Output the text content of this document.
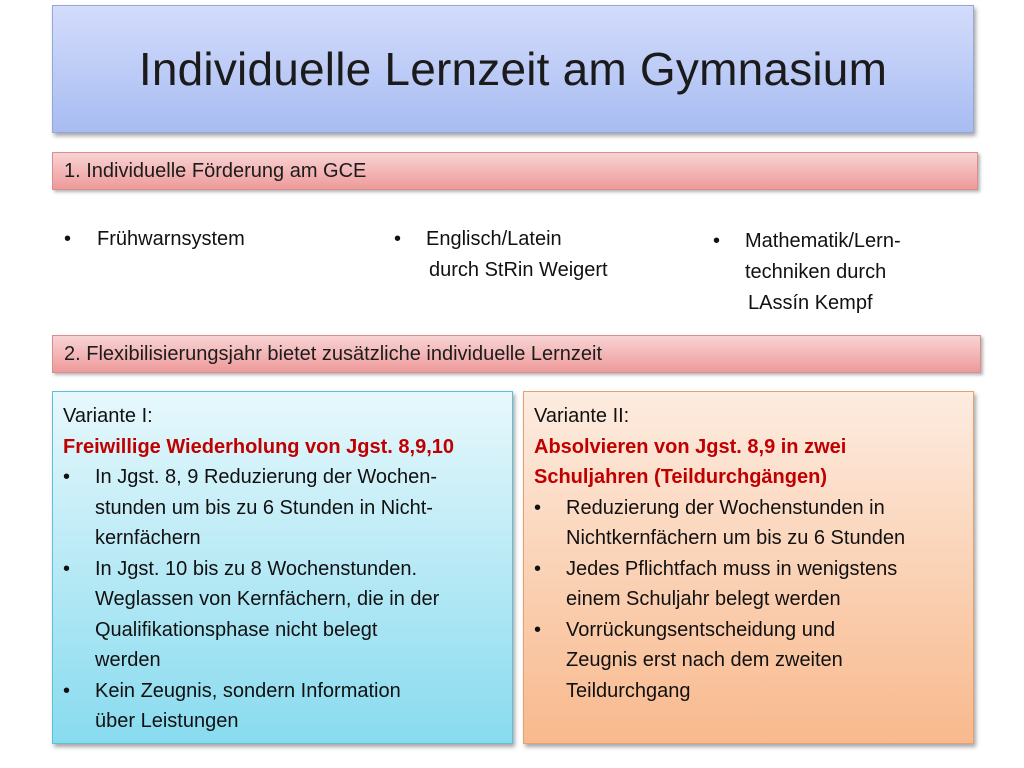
Individuelle Lernzeit am Gymnasium
1. Individuelle Förderung am GCE
• Frühwarnsystem	• Englisch/Latein
durch StRin Weigert
• Mathematik/Lern-
techniken durch
LAssín Kempf
2. Flexibilisierungsjahr bietet zusätzliche individuelle Lernzeit
Variante I:
Freiwillige Wiederholung von Jgst. 8,9,10
•	In Jgst. 8, 9 Reduzierung der Wochen-
stunden um bis zu 6 Stunden in Nicht-
kernfächern
•	In Jgst. 10 bis zu 8 Wochenstunden.
Weglassen von Kernfächern, die in der
Qualifikationsphase nicht belegt
werden
•	Kein Zeugnis, sondern Information
über Leistungen
Variante II:
Absolvieren von Jgst. 8,9 in zwei
Schuljahren (Teildurchgängen)
•	Reduzierung der Wochenstunden in
Nichtkernfächern um bis zu 6 Stunden
•	Jedes Pflichtfach muss in wenigstens
einem Schuljahr belegt werden
•	Vorrückungsentscheidung und
Zeugnis erst nach dem zweiten
Teildurchgang
